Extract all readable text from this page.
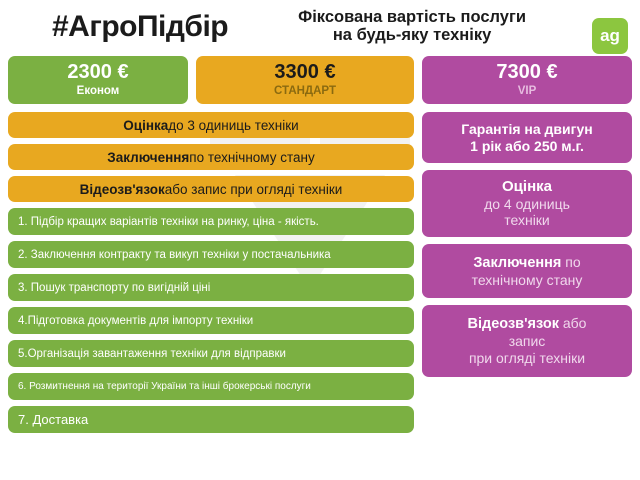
#АгроПідбір	Фіксована вартість послуги
на будь-яку техніку	ag
2300 €
Економ
3300 €
СТАНДАРТ
7300 €
VIP
Оцінка до 3 одиниць техніки
Заключення по технічному стану
Відеозв'язок або запис при огляді техніки
1. Підбір кращих варіантів техніки на ринку, ціна - якість.
2. Заключення контракту та викуп техніки у постачальника
3. Пошук транспорту по вигідній ціні
4.Підготовка документів для імпорту техніки
5.Організація завантаження техніки для відправки
6. Розмитнення на території України та інші брокерські послуги
7. Доставка
Гарантія на двигун
1 рік або 250 м.г.
Оцінка
до 4 одиниць
техніки
Заключення по
технічному стану
Відеозв'язок або
запис
при огляді техніки
